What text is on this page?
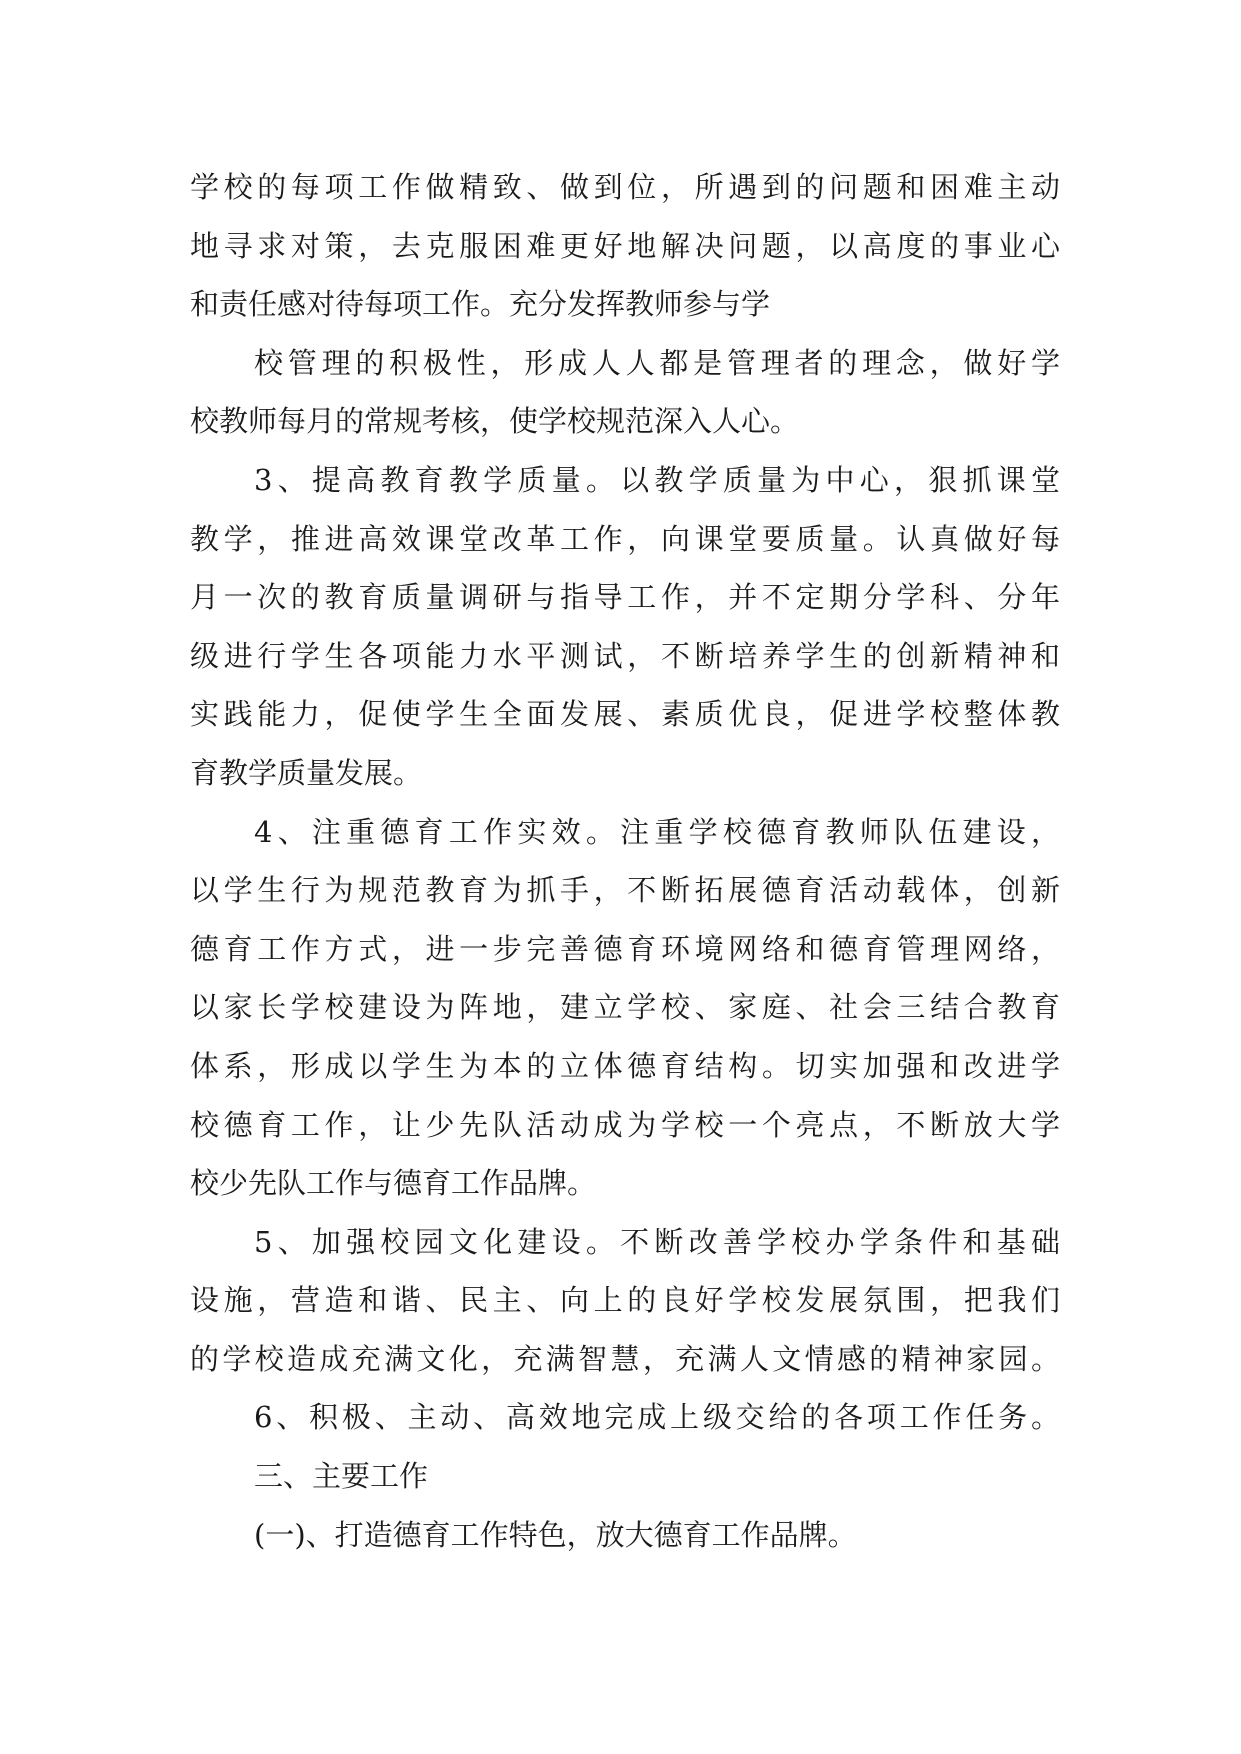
学校的每项工作做精致、做到位，所遇到的问题和困难主动
地寻求对策，去克服困难更好地解决问题，以高度的事业心
和责任感对待每项工作。充分发挥教师参与学
校管理的积极性，形成人人都是管理者的理念，做好学
校教师每月的常规考核，使学校规范深入人心。
3、提高教育教学质量。以教学质量为中心，狠抓课堂
教学，推进高效课堂改革工作，向课堂要质量。认真做好每
月一次的教育质量调研与指导工作，并不定期分学科、分年
级进行学生各项能力水平测试，不断培养学生的创新精神和
实践能力，促使学生全面发展、素质优良，促进学校整体教
育教学质量发展。
4、注重德育工作实效。注重学校德育教师队伍建设，
以学生行为规范教育为抓手，不断拓展德育活动载体，创新
德育工作方式，进一步完善德育环境网络和德育管理网络，
以家长学校建设为阵地，建立学校、家庭、社会三结合教育
体系，形成以学生为本的立体德育结构。切实加强和改进学
校德育工作，让少先队活动成为学校一个亮点，不断放大学
校少先队工作与德育工作品牌。
5、加强校园文化建设。不断改善学校办学条件和基础
设施，营造和谐、民主、向上的良好学校发展氛围，把我们
的学校造成充满文化，充满智慧，充满人文情感的精神家园。
6、积极、主动、高效地完成上级交给的各项工作任务。
三、主要工作
(一)、打造德育工作特色，放大德育工作品牌。
